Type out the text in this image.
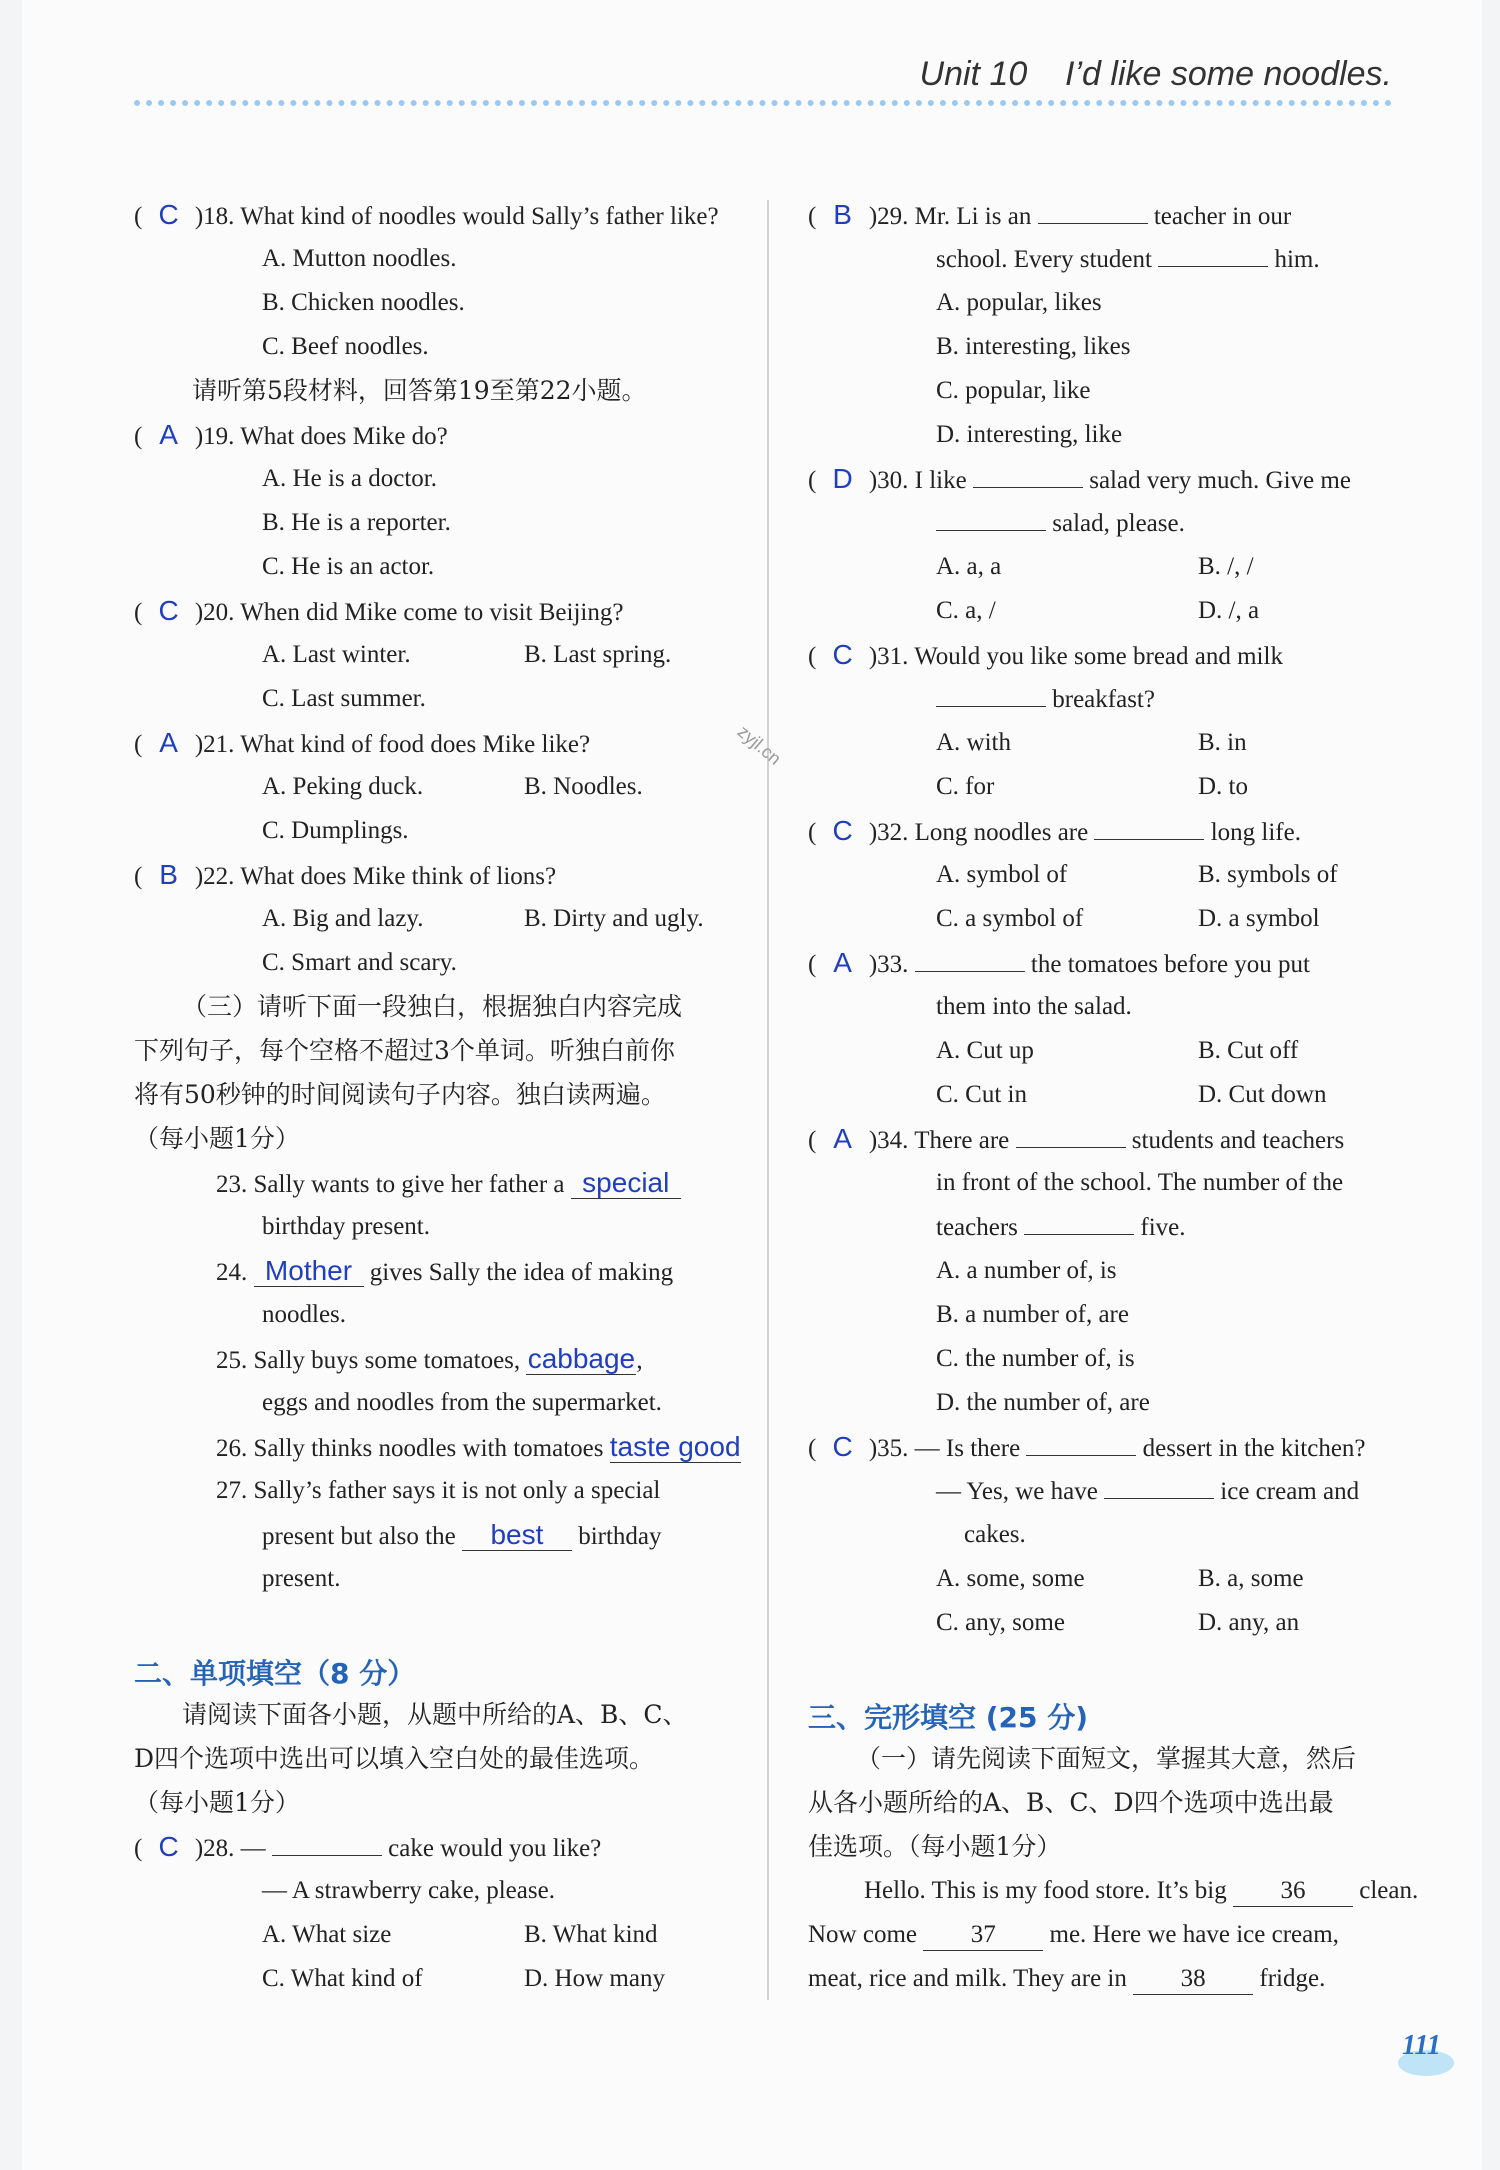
Unit 10    I’d like some noodles.
( C )18. What kind of noodles would Sally’s father like?
A. Mutton noodles.
B. Chicken noodles.
C. Beef noodles.
请听第5段材料，回答第19至第22小题。
( A )19. What does Mike do?
A. He is a doctor.
B. He is a reporter.
C. He is an actor.
( C )20. When did Mike come to visit Beijing?
A. Last winter.	B. Last spring.
C. Last summer.
( A )21. What kind of food does Mike like?
A. Peking duck.	B. Noodles.
C. Dumplings.
( B )22. What does Mike think of lions?
A. Big and lazy.	B. Dirty and ugly.
C. Smart and scary.
（三）请听下面一段独白，根据独白内容完成
下列句子，每个空格不超过3个单词。听独白前你
将有50秒钟的时间阅读句子内容。独白读两遍。
（每小题1分）
23. Sally wants to give her father a special
birthday present.
24. Mother gives Sally the idea of making
noodles.
25. Sally buys some tomatoes, cabbage,
eggs and noodles from the supermarket.
26. Sally thinks noodles with tomatoes taste good
27. Sally’s father says it is not only a special
present but also the best birthday
present.
二、单项填空（8 分）
请阅读下面各小题，从题中所给的A、B、C、
D四个选项中选出可以填入空白处的最佳选项。
（每小题1分）
( C )28. —	cake would you like?
— A strawberry cake, please.
A. What size	B. What kind
C. What kind of	D. How many
zyjl.cn
( B )29. Mr. Li is an	teacher in our
school. Every student	him.
A. popular, likes
B. interesting, likes
C. popular, like
D. interesting, like
( D )30. I like	salad very much. Give me
salad, please.
A. a, a	B. /, /
C. a, /	D. /, a
( C )31. Would you like some bread and milk
breakfast?
A. with	B. in
C. for	D. to
( C )32. Long noodles are	long life.
A. symbol of	B. symbols of
C. a symbol of	D. a symbol
( A )33.	the tomatoes before you put
them into the salad.
A. Cut up	B. Cut off
C. Cut in	D. Cut down
( A )34. There are	students and teachers
in front of the school. The number of the
teachers	five.
A. a number of, is
B. a number of, are
C. the number of, is
D. the number of, are
( C )35. — Is there	dessert in the kitchen?
— Yes, we have	ice cream and
cakes.
A. some, some	B. a, some
C. any, some	D. any, an
三、完形填空 (25 分)
（一）请先阅读下面短文，掌握其大意，然后
从各小题所给的A、B、C、D四个选项中选出最
佳选项。（每小题1分）
Hello. This is my food store. It’s big 36 clean.
Now come 37 me. Here we have ice cream,
meat, rice and milk. They are in 38 fridge.
111
